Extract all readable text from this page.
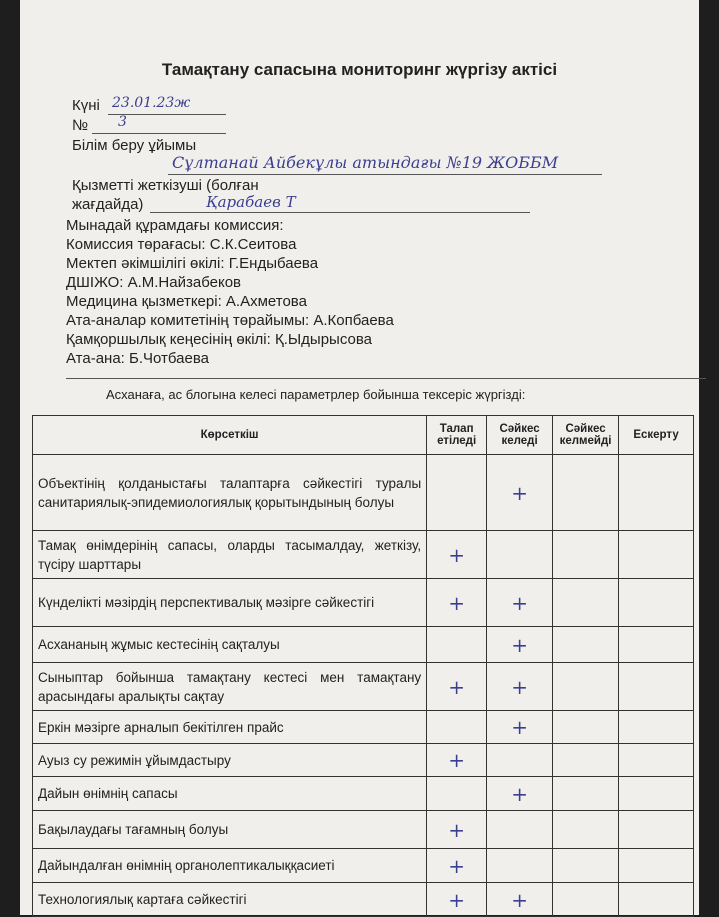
Тамақтану сапасына мониторинг жүргізу актісі
Күні 23.01.23ж
№ 3
Білім беру ұйымы
Сұлтанай Айбекұлы атындағы №19 ЖОББМ
Қызметті жеткізуші (болған
жағдайда)	Қарабаев Т
Мынадай құрамдағы комиссия:
Комиссия төрағасы: С.К.Сеитова
Мектеп әкімшілігі өкілі: Г.Ендыбаева
ДШІЖО: А.М.Найзабеков
Медицина қызметкері: А.Ахметова
Ата-аналар комитетінің төрайымы: А.Копбаева
Қамқоршылық кеңесінің өкілі: Қ.Ыдырысова
Ата-ана: Б.Чотбаева
Асханаға, ас блогына келесі параметрлер бойынша тексеріс жүргізді:
Көрсеткіш	Талап етіледі	Сәйкес келеді	Сәйкес келмейді	Ескерту
Объектінің қолданыстағы талаптарға сәйкестігі туралы санитариялық-эпидемиологиялық қорытындының болуы		+		
Тамақ өнімдерінің сапасы, оларды тасымалдау, жеткізу, түсіру шарттары	+			
Күнделікті мәзірдің перспективалық мәзірге сәйкестігі	+	+		
Асхананың жұмыс кестесінің сақталуы		+		
Сыныптар бойынша тамақтану кестесі мен тамақтану арасындағы аралықты сақтау	+	+		
Еркін мәзірге арналып бекітілген прайс		+		
Ауыз су режимін ұйымдастыру	+			
Дайын өнімнің сапасы		+		
Бақылаудағы тағамның болуы	+			
Дайындалған өнімнің органолептикалыққасиеті	+			
Технологиялық картаға сәйкестігі	+	+		
